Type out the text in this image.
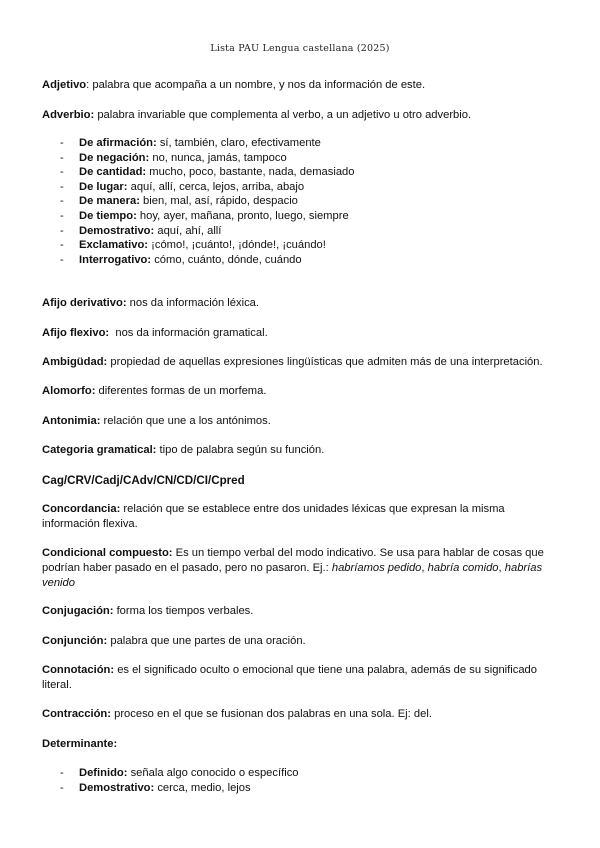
Lista PAU Lengua castellana (2025)
Adjetivo: palabra que acompaña a un nombre, y nos da información de este.
Adverbio: palabra invariable que complementa al verbo, a un adjetivo u otro adverbio.
- De afirmación: sí, también, claro, efectivamente
- De negación: no, nunca, jamás, tampoco
- De cantidad: mucho, poco, bastante, nada, demasiado
- De lugar: aquí, allí, cerca, lejos, arriba, abajo
- De manera: bien, mal, así, rápido, despacio
- De tiempo: hoy, ayer, mañana, pronto, luego, siempre
- Demostrativo: aquí, ahí, allí
- Exclamativo: ¡cómo!, ¡cuánto!, ¡dónde!, ¡cuándo!
- Interrogativo: cómo, cuánto, dónde, cuándo
Afijo derivativo: nos da información léxica.
Afijo flexivo:  nos da información gramatical.
Ambigüdad: propiedad de aquellas expresiones lingüísticas que admiten más de una interpretación.
Alomorfo: diferentes formas de un morfema.
Antonimia: relación que une a los antónimos.
Categoria gramatical: tipo de palabra según su función.
Cag/CRV/Cadj/CAdv/CN/CD/CI/Cpred
Concordancia: relación que se establece entre dos unidades léxicas que expresan la misma información flexiva.
Condicional compuesto: Es un tiempo verbal del modo indicativo. Se usa para hablar de cosas que podrían haber pasado en el pasado, pero no pasaron. Ej.: habríamos pedido, habría comido, habrías venido
Conjugación: forma los tiempos verbales.
Conjunción: palabra que une partes de una oración.
Connotación: es el significado oculto o emocional que tiene una palabra, además de su significado literal.
Contracción: proceso en el que se fusionan dos palabras en una sola. Ej: del.
Determinante:
- Definido: señala algo conocido o específico
- Demostrativo: cerca, medio, lejos
